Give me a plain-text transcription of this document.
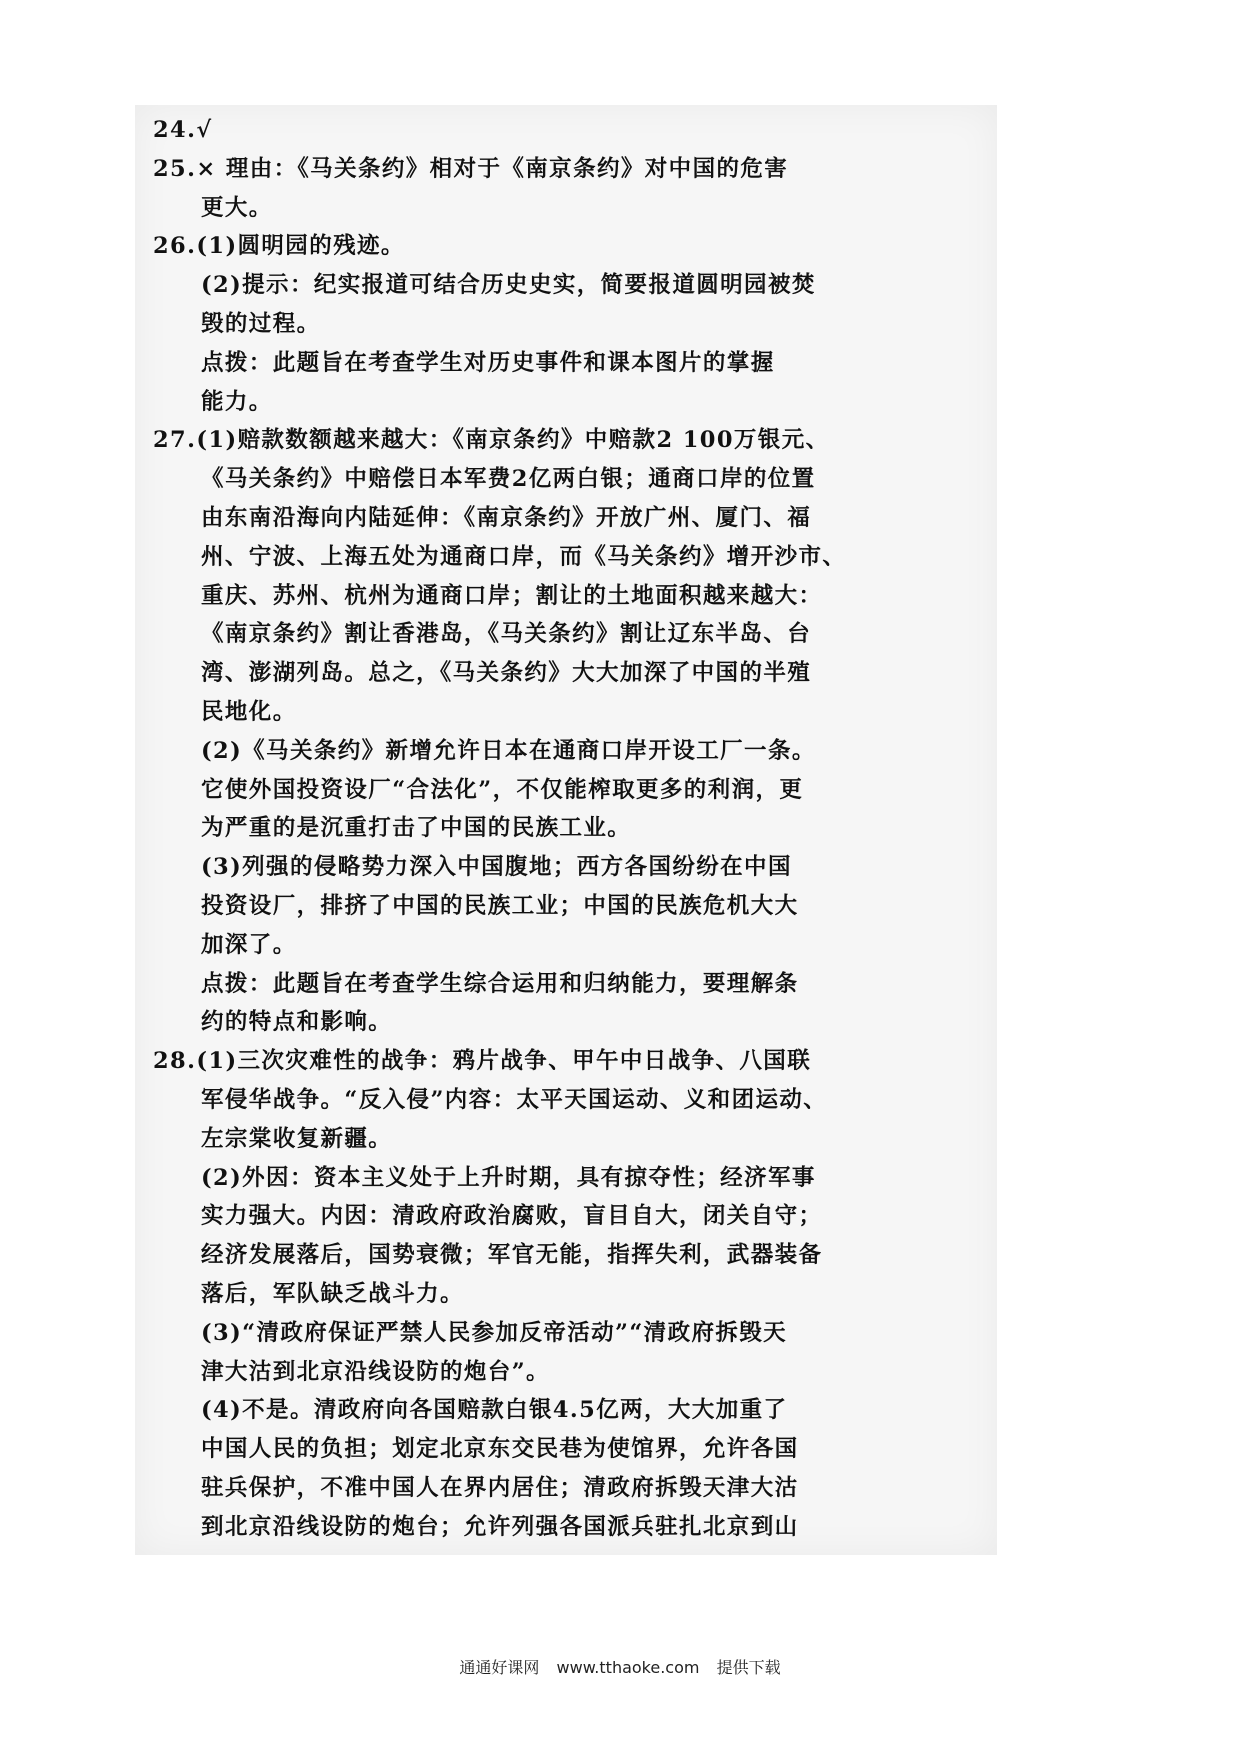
24.√
25.× 理由：《马关条约》相对于《南京条约》对中国的危害
更大。
26.(1)圆明园的残迹。
(2)提示：纪实报道可结合历史史实，简要报道圆明园被焚
毁的过程。
点拨：此题旨在考查学生对历史事件和课本图片的掌握
能力。
27.(1)赔款数额越来越大：《南京条约》中赔款2 100万银元、
《马关条约》中赔偿日本军费2亿两白银；通商口岸的位置
由东南沿海向内陆延伸：《南京条约》开放广州、厦门、福
州、宁波、上海五处为通商口岸，而《马关条约》增开沙市、
重庆、苏州、杭州为通商口岸；割让的土地面积越来越大：
《南京条约》割让香港岛，《马关条约》割让辽东半岛、台
湾、澎湖列岛。总之，《马关条约》大大加深了中国的半殖
民地化。
(2)《马关条约》新增允许日本在通商口岸开设工厂一条。
它使外国投资设厂“合法化”，不仅能榨取更多的利润，更
为严重的是沉重打击了中国的民族工业。
(3)列强的侵略势力深入中国腹地；西方各国纷纷在中国
投资设厂，排挤了中国的民族工业；中国的民族危机大大
加深了。
点拨：此题旨在考查学生综合运用和归纳能力，要理解条
约的特点和影响。
28.(1)三次灾难性的战争：鸦片战争、甲午中日战争、八国联
军侵华战争。“反入侵”内容：太平天国运动、义和团运动、
左宗棠收复新疆。
(2)外因：资本主义处于上升时期，具有掠夺性；经济军事
实力强大。内因：清政府政治腐败，盲目自大，闭关自守；
经济发展落后，国势衰微；军官无能，指挥失利，武器装备
落后，军队缺乏战斗力。
(3)“清政府保证严禁人民参加反帝活动”“清政府拆毁天
津大沽到北京沿线设防的炮台”。
(4)不是。清政府向各国赔款白银4.5亿两，大大加重了
中国人民的负担；划定北京东交民巷为使馆界，允许各国
驻兵保护，不准中国人在界内居住；清政府拆毁天津大沽
到北京沿线设防的炮台；允许列强各国派兵驻扎北京到山
通通好课网 www.tthaoke.com 提供下载
